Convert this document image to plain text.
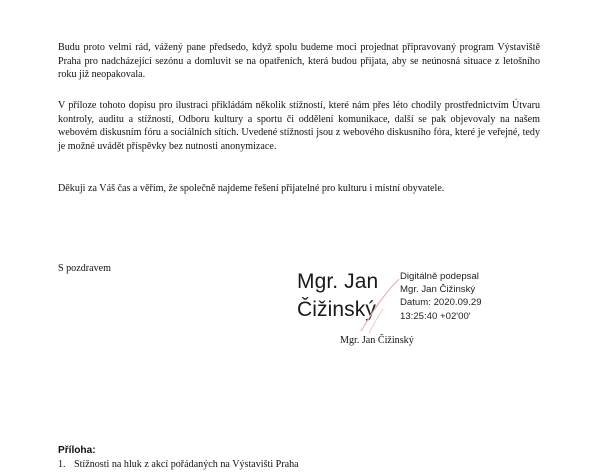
Budu proto velmi rád, vážený pane předsedo, když spolu budeme moci projednat připravovaný program Výstaviště Praha pro nadcházející sezónu a domluvit se na opatřeních, která budou přijata, aby se neúnosná situace z letošního roku již neopakovala.

V příloze tohoto dopisu pro ilustraci přikládám několik stížností, které nám přes léto chodily prostřednictvím Útvaru kontroly, auditu a stížností, Odboru kultury a sportu či oddělení komunikace, další se pak objevovaly na našem webovém diskusním fóru a sociálních sítích. Uvedené stížnosti jsou z webového diskusního fóra, které je veřejné, tedy je možné uvádět příspěvky bez nutnosti anonymizace.

Děkuji za Váš čas a věřím, že společně najdeme řešení přijatelné pro kulturu i místní obyvatele.

S pozdravem
Mgr. Jan
Čižinský
Digitálně podepsal
Mgr. Jan Čižinský
Datum: 2020.09.29
13:25:40 +02'00'
Mgr. Jan Čižinský
Příloha:
1. Stížnosti na hluk z akcí pořádaných na Výstavišti Praha
